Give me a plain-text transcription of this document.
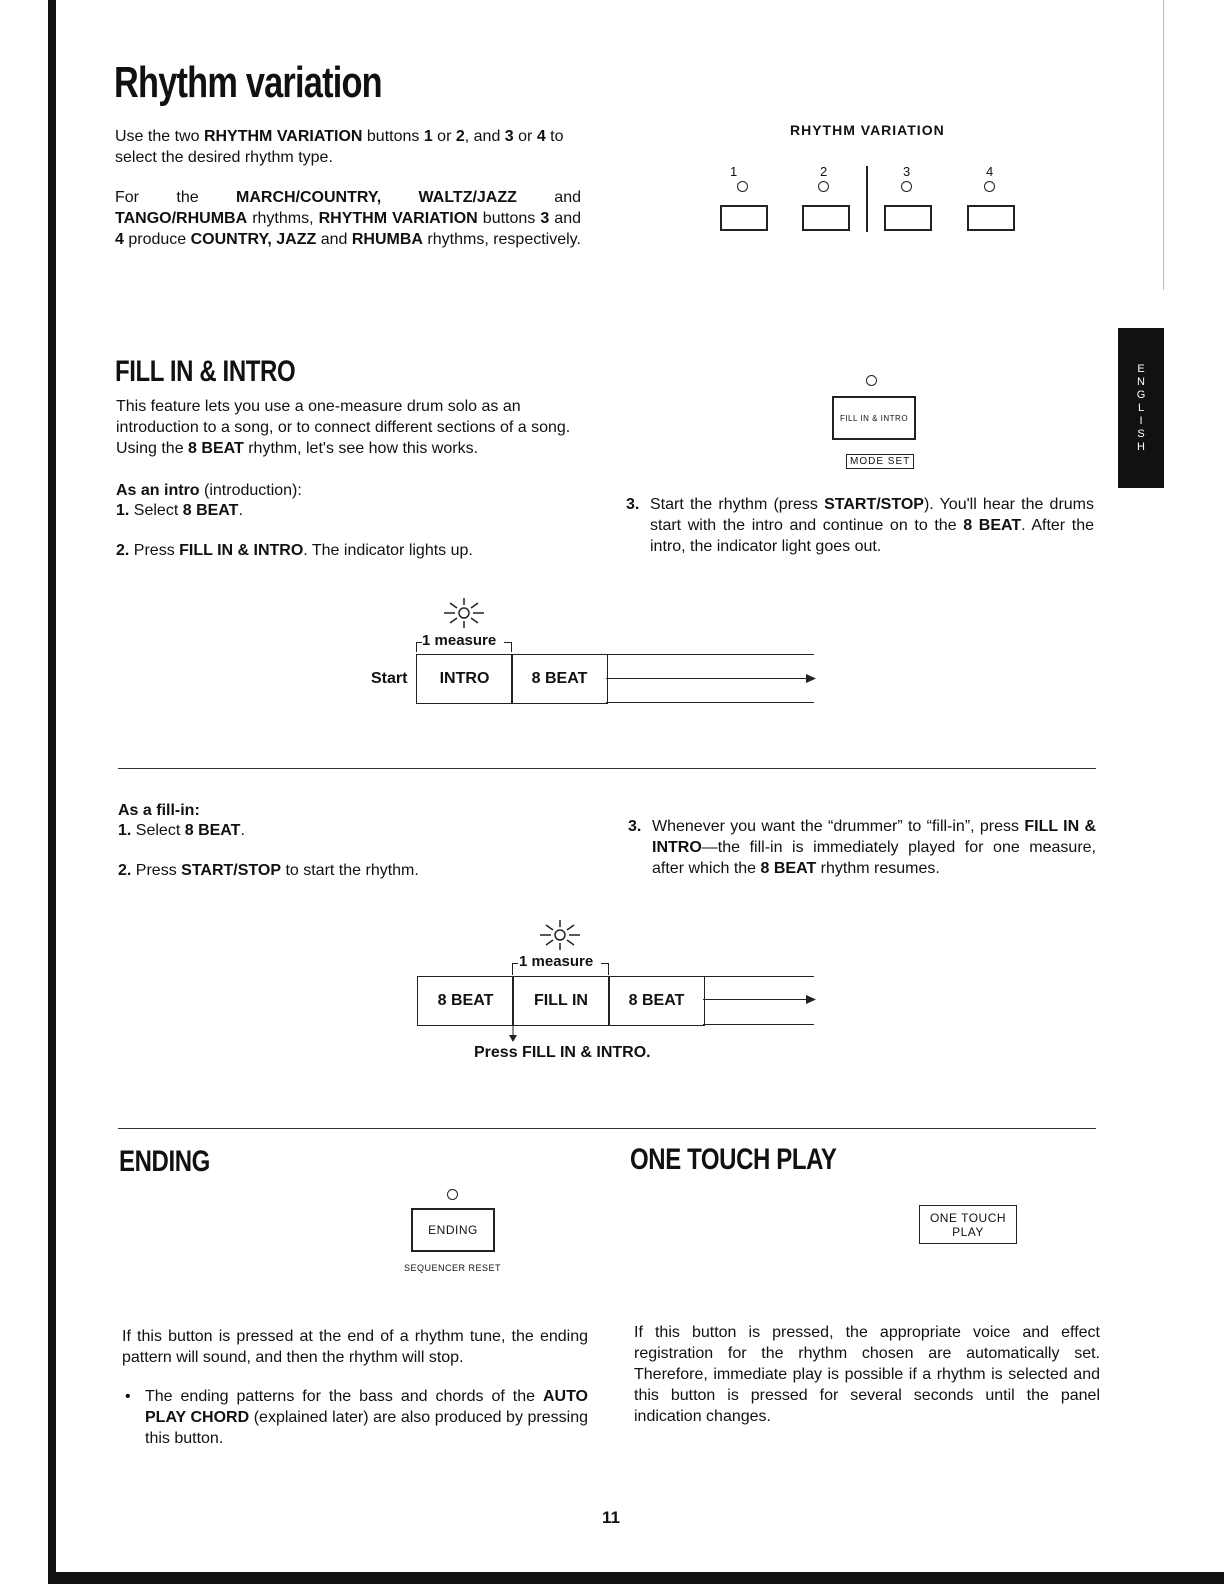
ENGLISH
Rhythm variation
Use the two RHYTHM VARIATION buttons 1 or 2, and 3 or 4 to
select the desired rhythm type.
For the MARCH/COUNTRY, WALTZ/JAZZ and TANGO/RHUMBA rhythms, RHYTHM VARIATION buttons 3 and 4 produce COUNTRY, JAZZ and RHUMBA rhythms, respectively.
RHYTHM VARIATION
1	2	3	4
FILL IN & INTRO
This feature lets you use a one-measure drum solo as an introduction to a song, or to connect different sections of a song. Using the 8 BEAT rhythm, let's see how this works.
FILL IN & INTRO
MODE SET
As an intro (introduction):
1. Select 8 BEAT.
2. Press FILL IN & INTRO. The indicator lights up.
3. Start the rhythm (press START/STOP). You'll hear the drums start with the intro and continue on to the 8 BEAT. After the intro, the indicator light goes out.
1 measure
Start	INTRO	8 BEAT
As a fill-in:
1. Select 8 BEAT.
2. Press START/STOP to start the rhythm.
3. Whenever you want the “drummer” to “fill-in”, press FILL IN & INTRO—the fill-in is immediately played for one measure, after which the 8 BEAT rhythm resumes.
1 measure
8 BEAT	FILL IN	8 BEAT
Press FILL IN & INTRO.
ENDING
ENDING
SEQUENCER RESET
If this button is pressed at the end of a rhythm tune, the ending pattern will sound, and then the rhythm will stop.
• The ending patterns for the bass and chords of the AUTO PLAY CHORD (explained later) are also produced by pressing this button.
ONE TOUCH PLAY
ONE TOUCH
PLAY
If this button is pressed, the appropriate voice and effect registration for the rhythm chosen are automatically set. Therefore, immediate play is possible if a rhythm is selected and this button is pressed for several seconds until the panel indication changes.
11
